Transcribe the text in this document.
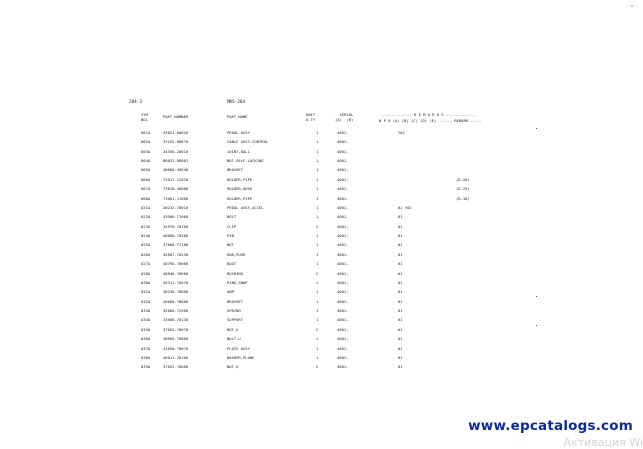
204-3	MKS-204
SYM
BOL
PART NUMBER	PART NAME	UNIT
Q.TY
SERIAL
(A)  (B)
------------- R E M A R K S -------------
N P O (A) (B) (C) (D) (E)  ..... REMARK .....
001A	43021-60020	PEDAL ASSY	1	4001-	Y01
002A	33192-00670	CABLE ASSY,CONTROL	1	4001-
003A	34350-20010	JOINT,BALL	1	4001-
004A	88031-08061	NUT,SELF-LOCKING	1	4001-
005A	40600-45640	BRACKET	1	4001-
006A	73011-12020	HOLDER,PIPE	1	4001-	(D-20)
007A	73010-36000	HOLDER,HOSE	1	4001-	(D-25)
008A	73001-11000	HOLDER,PIPE	1	4001-	(D-10)
021A	30232-70010	PEDAL ASSY,ACCEL	1	4001-	01 Y02
022A	43900-T1060	BOLT	1	4001-	01
023A	32970-70160	CLIP	2	4001-	01
024A	40000-70380	PIN	1	4001-	01
025A	37600-T1180	NUT	1	4001-	01
026A	45687-70230	ROD,PUSH	1	4001-	01
027A	40790-70060	BOOT	1	4001-	01
028A	40840-70660	BUSHING	2	4001-	01
030A	45311-70470	RING,SNAP	1	4001-	01
031A	30230-70090	ARM	1	4001-	01
032A	40600-70880	BRACKET	1	4001-	01
033A	35600-72980	SPRING	1	4001-	01
034A	33600-70130	SUPPORT	1	4001-	01
035A	37652-70070	NUT,U	2	4001-	01
036A	40960-70060	BOLT,U	1	4001-	01
037A	41650-70070	PLATE ASSY	1	4001-	01
038A	46011-70160	WASHER,PLANE	1	4001-	01
039A	37652-70080	NUT,U	2	4001-	01
www.epcatalogs.com
Активация Wi
